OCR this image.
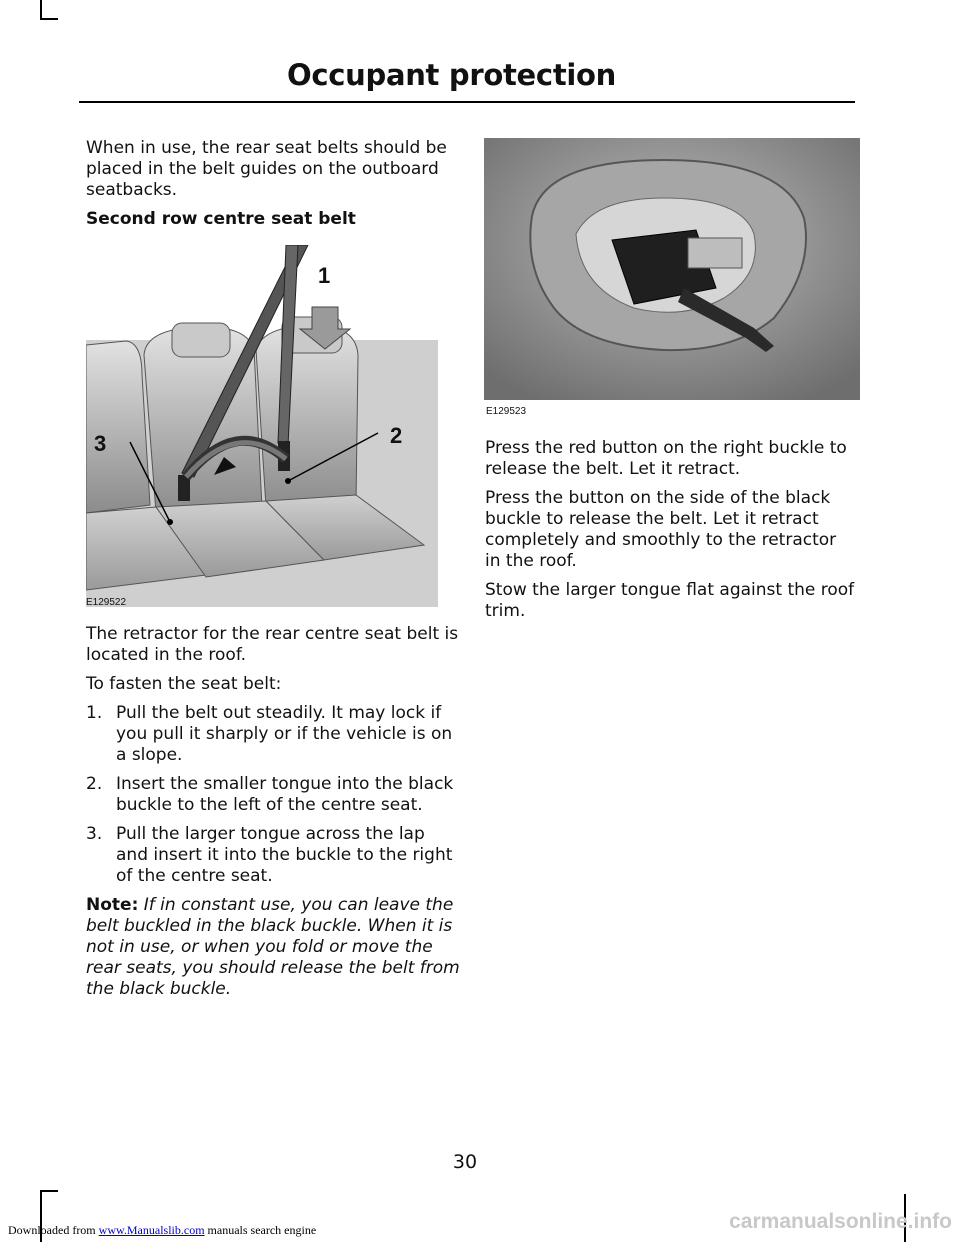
Occupant protection

When in use, the rear seat belts should be placed in the belt guides on the outboard seatbacks.

Second row centre seat belt

1
2
3
E129522

The retractor for the rear centre seat belt is located in the roof.

To fasten the seat belt:

1. Pull the belt out steadily. It may lock if you pull it sharply or if the vehicle is on a slope.
2. Insert the smaller tongue into the black buckle to the left of the centre seat.
3. Pull the larger tongue across the lap and insert it into the buckle to the right of the centre seat.

Note: If in constant use, you can leave the belt buckled in the black buckle. When it is not in use, or when you fold or move the rear seats, you should release the belt from the black buckle.

E129523

Press the red button on the right buckle to release the belt. Let it retract.

Press the button on the side of the black buckle to release the belt. Let it retract completely and smoothly to the retractor in the roof.

Stow the larger tongue flat against the roof trim.

30
Downloaded from www.Manualslib.com manuals search engine	carmanualsonline.info
